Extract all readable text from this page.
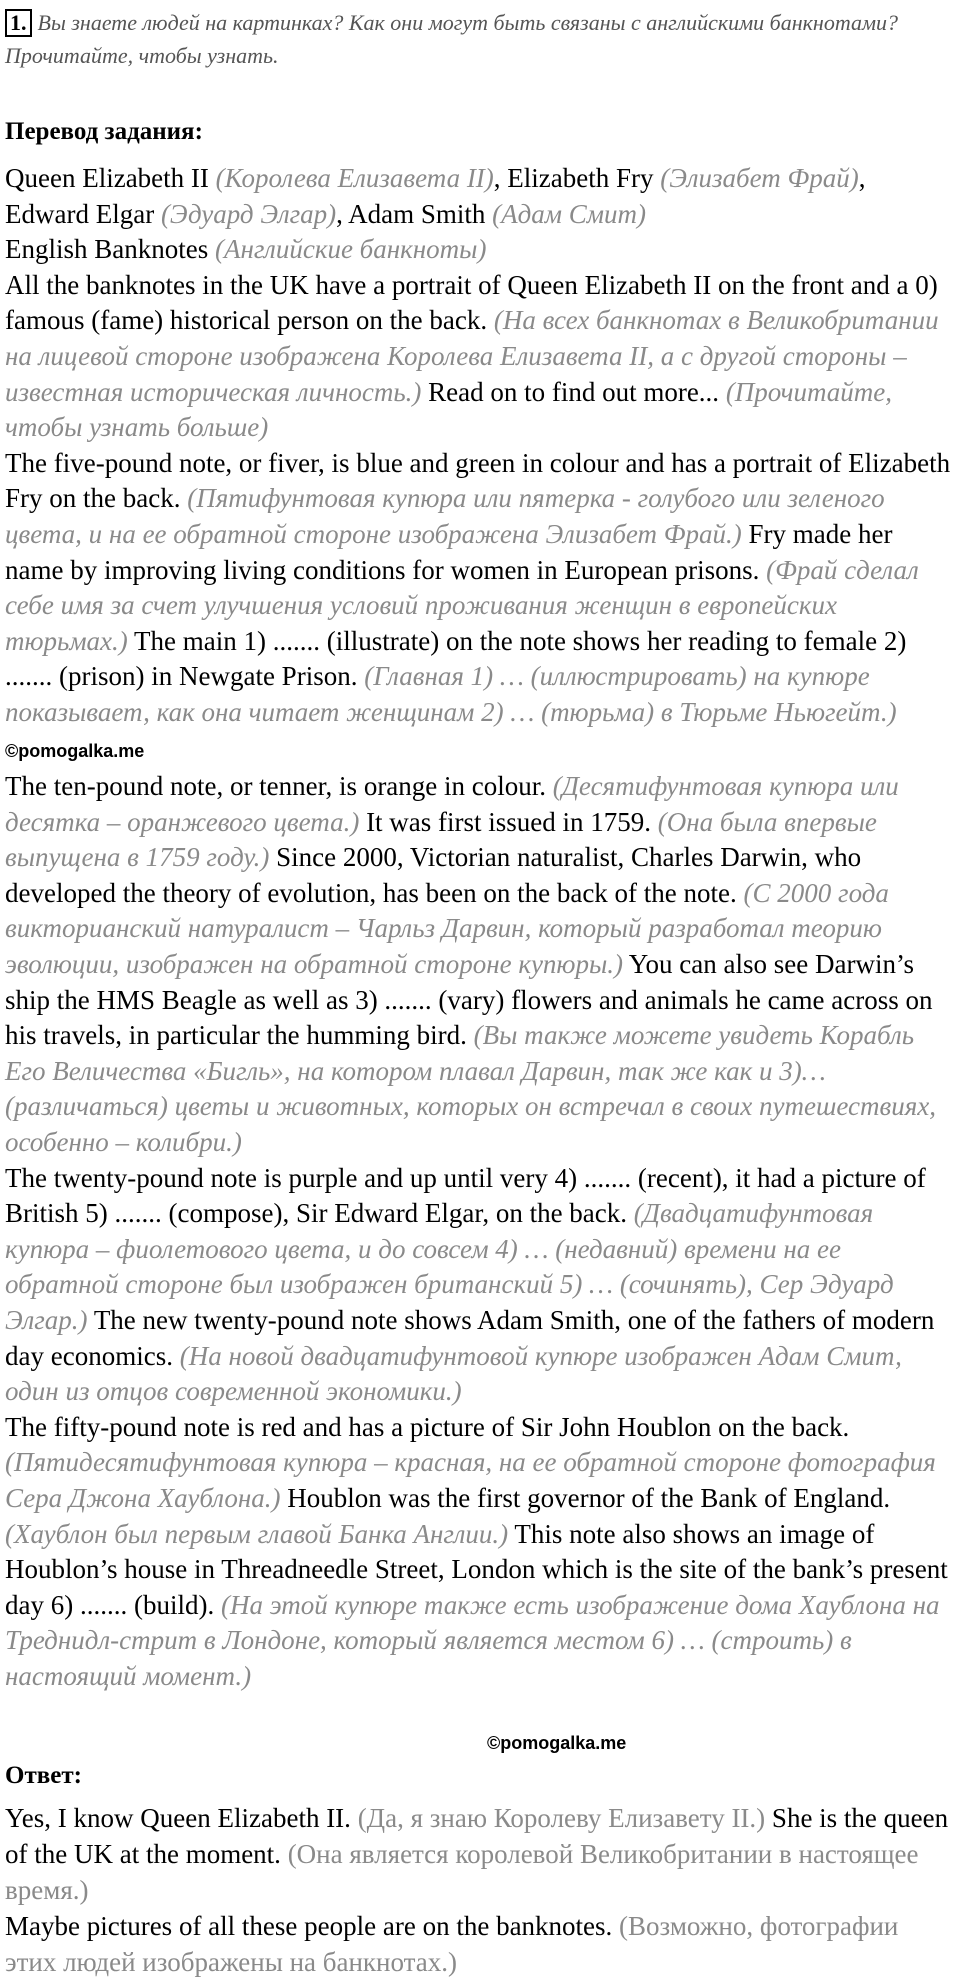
1. Вы знаете людей на картинках? Как они могут быть связаны с английскими банкнотами? Прочитайте, чтобы узнать.
Перевод задания:
Queen Elizabeth II (Королева Елизавета II), Elizabeth Fry (Элизабет Фрай),
Edward Elgar (Эдуард Элгар), Adam Smith (Адам Смит)
English Banknotes (Английские банкноты)
All the banknotes in the UK have a portrait of Queen Elizabeth II on the front and a 0) famous (fame) historical person on the back. (На всех банкнотах в Великобритании на лицевой стороне изображена Королева Елизавета II, а с другой стороны – известная историческая личность.) Read on to find out more... (Прочитайте, чтобы узнать больше)
The five-pound note, or fiver, is blue and green in colour and has a portrait of Elizabeth Fry on the back. (Пятифунтовая купюра или пятерка - голубого или зеленого цвета, и на ее обратной стороне изображена Элизабет Фрай.) Fry made her name by improving living conditions for women in European prisons. (Фрай сделал себе имя за счет улучшения условий проживания женщин в европейских тюрьмах.) The main 1) ....... (illustrate) on the note shows her reading to female 2) ....... (prison) in Newgate Prison. (Главная 1) … (иллюстрировать) на купюре показывает, как она читает женщинам 2) … (тюрьма) в Тюрьме Ньюгейт.) ©pomogalka.me
The ten-pound note, or tenner, is orange in colour. (Десятифунтовая купюра или десятка – оранжевого цвета.) It was first issued in 1759. (Она была впервые выпущена в 1759 году.) Since 2000, Victorian naturalist, Charles Darwin, who developed the theory of evolution, has been on the back of the note. (С 2000 года викторианский натуралист – Чарльз Дарвин, который разработал теорию эволюции, изображен на обратной стороне купюры.) You can also see Darwin’s ship the HMS Beagle as well as 3) ....... (vary) flowers and animals he came across on his travels, in particular the humming bird. (Вы также можете увидеть Корабль Его Величества «Бигль», на котором плавал Дарвин, так же как и 3)… (различаться) цветы и животных, которых он встречал в своих путешествиях, особенно – колибри.)
The twenty-pound note is purple and up until very 4) ....... (recent), it had a picture of British 5) ....... (compose), Sir Edward Elgar, on the back. (Двадцатифунтовая купюра – фиолетового цвета, и до совсем 4) … (недавний) времени на ее обратной стороне был изображен британский 5) … (сочинять), Сер Эдуард Элгар.) The new twenty-pound note shows Adam Smith, one of the fathers of modern day economics. (На новой двадцатифунтовой купюре изображен Адам Смит, один из отцов современной экономики.)
The fifty-pound note is red and has a picture of Sir John Houblon on the back. (Пятидесятифунтовая купюра – красная, на ее обратной стороне фотография Сера Джона Хаублона.) Houblon was the first governor of the Bank of England. (Хаублон был первым главой Банка Англии.) This note also shows an image of Houblon’s house in Threadneedle Street, London which is the site of the bank’s present day 6) ....... (build). (На этой купюре также есть изображение дома Хаублона на Треднидл-стрит в Лондоне, который является местом 6) … (строить) в настоящий момент.)
©pomogalka.me
Ответ:
Yes, I know Queen Elizabeth II. (Да, я знаю Королеву Елизавету II.) She is the queen of the UK at the moment. (Она является королевой Великобритании в настоящее время.)
Maybe pictures of all these people are on the banknotes. (Возможно, фотографии этих людей изображены на банкнотах.)
